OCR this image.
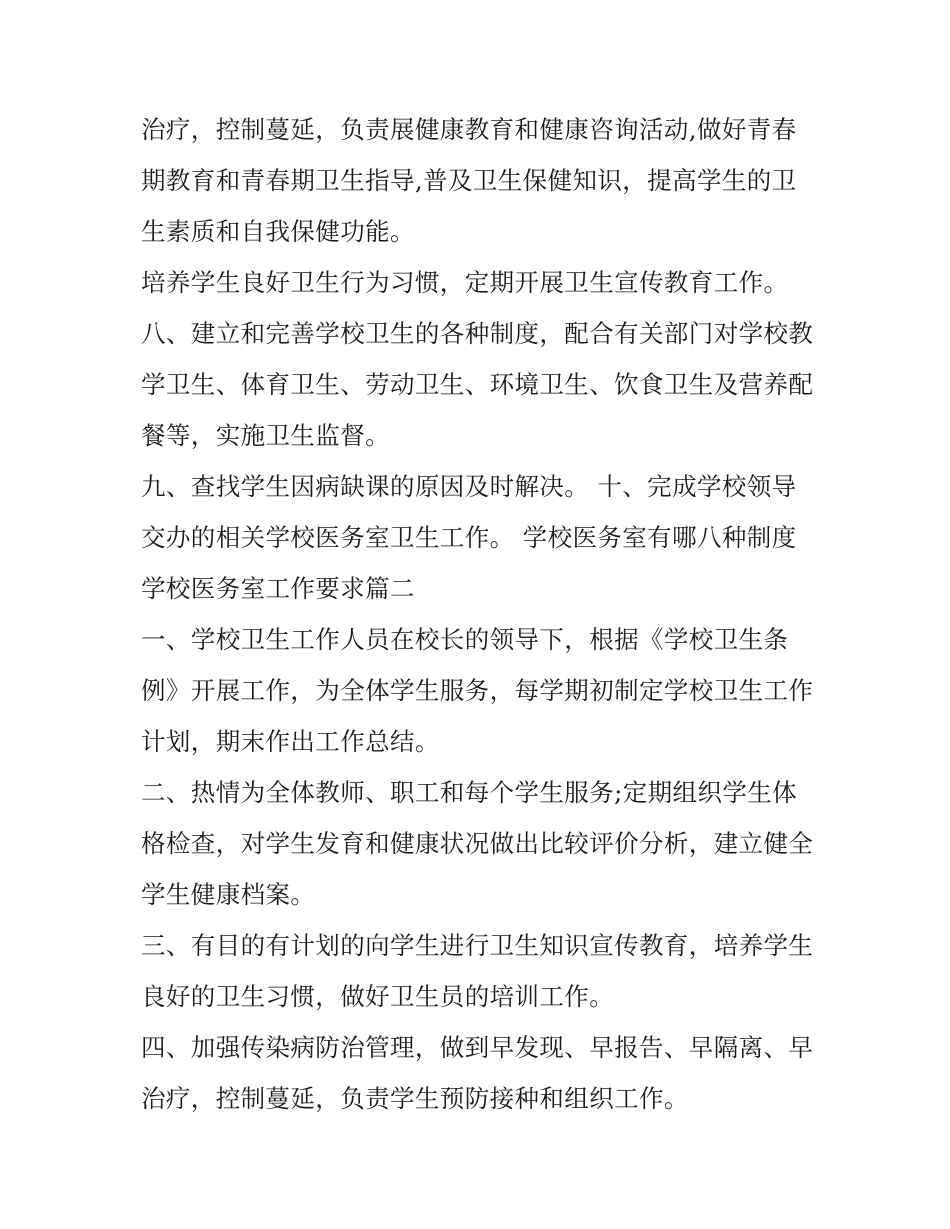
治疗，控制蔓延，负责展健康教育和健康咨询活动,做好青春
期教育和青春期卫生指导,普及卫生保健知识，提高学生的卫
生素质和自我保健功能。
培养学生良好卫生行为习惯，定期开展卫生宣传教育工作。
八、建立和完善学校卫生的各种制度，配合有关部门对学校教
学卫生、体育卫生、劳动卫生、环境卫生、饮食卫生及营养配
餐等，实施卫生监督。
九、查找学生因病缺课的原因及时解决。 十、完成学校领导
交办的相关学校医务室卫生工作。 学校医务室有哪八种制度
学校医务室工作要求篇二
一、学校卫生工作人员在校长的领导下，根据《学校卫生条
例》开展工作，为全体学生服务，每学期初制定学校卫生工作
计划，期末作出工作总结。
二、热情为全体教师、职工和每个学生服务;定期组织学生体
格检查，对学生发育和健康状况做出比较评价分析，建立健全
学生健康档案。
三、有目的有计划的向学生进行卫生知识宣传教育，培养学生
良好的卫生习惯，做好卫生员的培训工作。
四、加强传染病防治管理，做到早发现、早报告、早隔离、早
治疗，控制蔓延，负责学生预防接种和组织工作。
